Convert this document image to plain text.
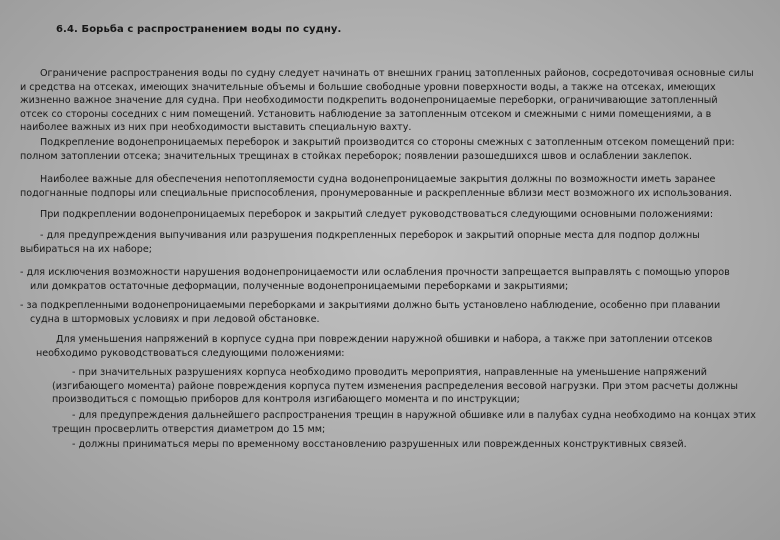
6.4. Борьба с распространением воды по судну.
Ограничение распространения воды по судну следует начинать от внешних границ затопленных районов, сосредоточивая основные силы
и средства на отсеках, имеющих значительные объемы и большие свободные уровни поверхности воды, а также на отсеках, имеющих
жизненно важное значение для судна. При необходимости подкрепить водонепроницаемые переборки, ограничивающие затопленный
отсек со стороны соседних с ним помещений. Установить наблюдение за затопленным отсеком и смежными с ними помещениями, а в
наиболее важных из них при необходимости выставить специальную вахту.
Подкрепление водонепроницаемых переборок и закрытий производится со стороны смежных с затопленным отсеком помещений при:
полном затоплении отсека; значительных трещинах в стойках переборок; появлении разошедшихся швов и ослаблении заклепок.
Наиболее важные для обеспечения непотопляемости судна водонепроницаемые закрытия должны по возможности иметь заранее
подогнанные подпоры или специальные приспособления, пронумерованные и раскрепленные вблизи мест возможного их использования.
При подкреплении водонепроницаемых переборок и закрытий следует руководствоваться следующими основными положениями:
- для предупреждения выпучивания или разрушения подкрепленных переборок и закрытий опорные места для подпор должны
выбираться на их наборе;
- для исключения возможности нарушения водонепроницаемости или ослабления прочности запрещается выправлять с помощью упоров
или домкратов остаточные деформации, полученные водонепроницаемыми переборками и закрытиями;
- за подкрепленными водонепроницаемыми переборками и закрытиями должно быть установлено наблюдение, особенно при плавании
судна в штормовых условиях и при ледовой обстановке.
Для уменьшения напряжений в корпусе судна при повреждении наружной обшивки и набора, а также при затоплении отсеков
необходимо руководствоваться следующими положениями:
- при значительных разрушениях корпуса необходимо проводить мероприятия, направленные на уменьшение напряжений
(изгибающего момента) районе повреждения корпуса путем изменения распределения весовой нагрузки. При этом расчеты должны
производиться с помощью приборов для контроля изгибающего момента и по инструкции;
- для предупреждения дальнейшего распространения трещин в наружной обшивке или в палубах судна необходимо на концах этих
трещин просверлить отверстия диаметром до 15 мм;
- должны приниматься меры по временному восстановлению разрушенных или поврежденных конструктивных связей.
